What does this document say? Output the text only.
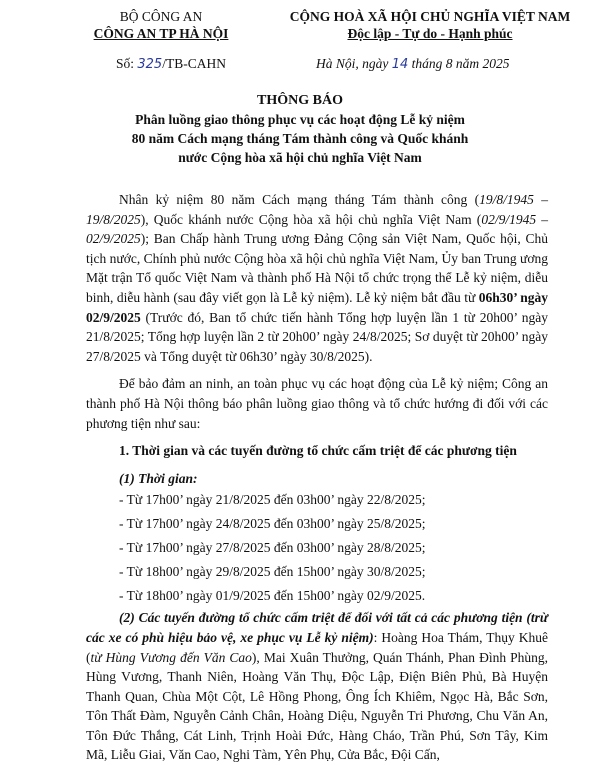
BỘ CÔNG AN
CÔNG AN TP HÀ NỘI
CỘNG HOÀ XÃ HỘI CHỦ NGHĨA VIỆT NAM
Độc lập - Tự do - Hạnh phúc
Số: 325/TB-CAHN	Hà Nội, ngày 14 tháng 8 năm 2025
THÔNG BÁO
Phân luồng giao thông phục vụ các hoạt động Lễ kỷ niệm
80 năm Cách mạng tháng Tám thành công và Quốc khánh
nước Cộng hòa xã hội chủ nghĩa Việt Nam

Nhân kỷ niệm 80 năm Cách mạng tháng Tám thành công (19/8/1945 – 19/8/2025), Quốc khánh nước Cộng hòa xã hội chủ nghĩa Việt Nam (02/9/1945 – 02/9/2025); Ban Chấp hành Trung ương Đảng Cộng sản Việt Nam, Quốc hội, Chủ tịch nước, Chính phủ nước Cộng hòa xã hội chủ nghĩa Việt Nam, Ủy ban Trung ương Mặt trận Tổ quốc Việt Nam và thành phố Hà Nội tổ chức trọng thể Lễ kỷ niệm, diễu binh, diễu hành (sau đây viết gọn là Lễ kỷ niệm). Lễ kỷ niệm bắt đầu từ 06h30’ ngày 02/9/2025 (Trước đó, Ban tổ chức tiến hành Tổng hợp luyện lần 1 từ 20h00’ ngày 21/8/2025; Tổng hợp luyện lần 2 từ 20h00’ ngày 24/8/2025; Sơ duyệt từ 20h00’ ngày 27/8/2025 và Tổng duyệt từ 06h30’ ngày 30/8/2025).

Để bảo đảm an ninh, an toàn phục vụ các hoạt động của Lễ kỷ niệm; Công an thành phố Hà Nội thông báo phân luồng giao thông và tổ chức hướng đi đối với các phương tiện như sau:

1. Thời gian và các tuyến đường tổ chức cấm triệt để các phương tiện

(1) Thời gian:

- Từ 17h00’ ngày 21/8/2025 đến 03h00’ ngày 22/8/2025;
- Từ 17h00’ ngày 24/8/2025 đến 03h00’ ngày 25/8/2025;
- Từ 17h00’ ngày 27/8/2025 đến 03h00’ ngày 28/8/2025;
- Từ 18h00’ ngày 29/8/2025 đến 15h00’ ngày 30/8/2025;
- Từ 18h00’ ngày 01/9/2025 đến 15h00’ ngày 02/9/2025.

(2) Các tuyến đường tổ chức cấm triệt để đối với tất cả các phương tiện (trừ các xe có phù hiệu bảo vệ, xe phục vụ Lễ kỷ niệm): Hoàng Hoa Thám, Thụy Khuê (từ Hùng Vương đến Văn Cao), Mai Xuân Thưởng, Quán Thánh, Phan Đình Phùng, Hùng Vương, Thanh Niên, Hoàng Văn Thụ, Độc Lập, Điện Biên Phủ, Bà Huyện Thanh Quan, Chùa Một Cột, Lê Hồng Phong, Ông Ích Khiêm, Ngọc Hà, Bắc Sơn, Tôn Thất Đàm, Nguyễn Cảnh Chân, Hoàng Diệu, Nguyễn Tri Phương, Chu Văn An, Tôn Đức Thắng, Cát Linh, Trịnh Hoài Đức, Hàng Cháo, Trần Phú, Sơn Tây, Kim Mã, Liễu Giai, Văn Cao, Nghi Tàm, Yên Phụ, Cửa Bắc, Đội Cấn,
